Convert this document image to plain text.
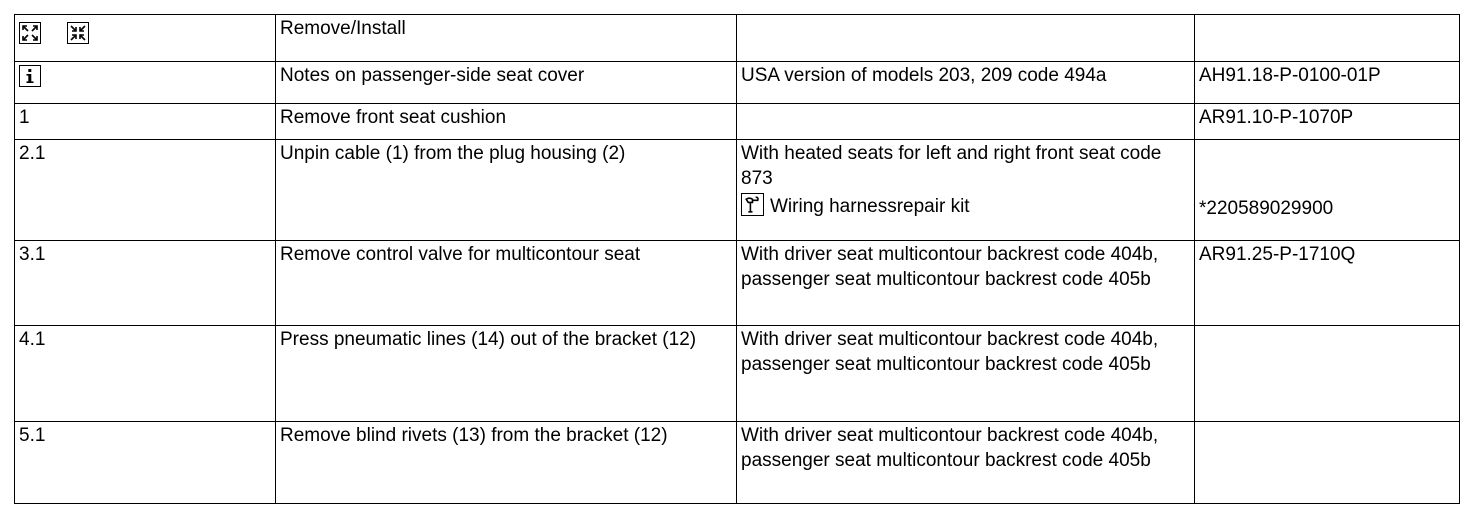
	Remove/Install		

	Notes on passenger-side seat cover	USA version of models 203, 209 code 494a	AH91.18-P-0100-01P
1	Remove front seat cushion		AR91.10-P-1070P
2.1	Unpin cable (1) from the plug housing (2)	With heated seats for left and right front seat code 873
Wiring harnessrepair kit	*220589029900

3.1	Remove control valve for multicontour seat	With driver seat multicontour backrest code 404b, passenger seat multicontour backrest code 405b	AR91.25-P-1710Q
4.1	Press pneumatic lines (14) out of the bracket (12)	With driver seat multicontour backrest code 404b, passenger seat multicontour backrest code 405b	
5.1	Remove blind rivets (13) from the bracket (12)	With driver seat multicontour backrest code 404b, passenger seat multicontour backrest code 405b	
